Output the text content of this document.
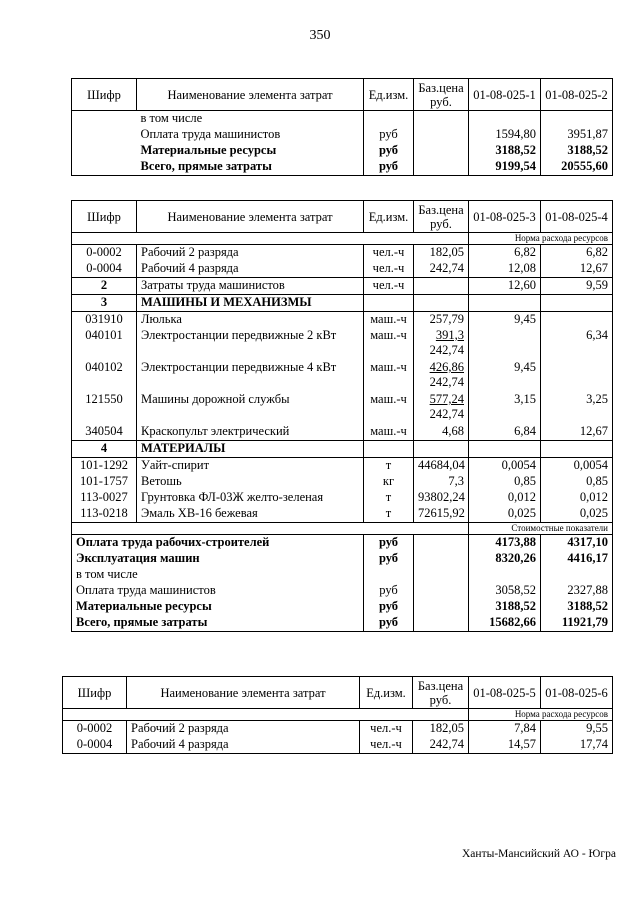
350
Шифр	Наименование элемента затрат	Ед.изм.	Баз.цена руб.	01-08-025-1	01-08-025-2
	в том числе				
	Оплата труда машинистов	руб		1594,80	3951,87
	Материальные ресурсы	руб		3188,52	3188,52
	Всего, прямые затраты	руб		9199,54	20555,60
Шифр	Наименование элемента затрат	Ед.изм.	Баз.цена руб.	01-08-025-3	01-08-025-4
				Норма расхода ресурсов	
0-0002	Рабочий 2 разряда	чел.-ч	182,05	6,82	6,82
0-0004	Рабочий 4 разряда	чел.-ч	242,74	12,08	12,67
2	Затраты труда машинистов	чел.-ч		12,60	9,59
3	МАШИНЫ И МЕХАНИЗМЫ				
031910	Люлька	маш.-ч	257,79	9,45	
040101	Электростанции передвижные 2 кВт	маш.-ч	391,3
242,74		6,34
040102	Электростанции передвижные 4 кВт	маш.-ч	426,86
242,74	9,45	
121550	Машины дорожной службы	маш.-ч	577,24
242,74	3,15	3,25
340504	Краскопульт электрический	маш.-ч	4,68	6,84	12,67
4	МАТЕРИАЛЫ				
101-1292	Уайт-спирит	т	44684,04	0,0054	0,0054
101-1757	Ветошь	кг	7,3	0,85	0,85
113-0027	Грунтовка ФЛ-03Ж желто-зеленая	т	93802,24	0,012	0,012
113-0218	Эмаль ХВ-16 бежевая	т	72615,92	0,025	0,025
				Стоимостные показатели	
Оплата труда рабочих-строителей		руб		4173,88	4317,10
Эксплуатация машин		руб		8320,26	4416,17
в том числе					
Оплата труда машинистов		руб		3058,52	2327,88
Материальные ресурсы		руб		3188,52	3188,52
Всего, прямые затраты		руб		15682,66	11921,79
Шифр	Наименование элемента затрат	Ед.изм.	Баз.цена руб.	01-08-025-5	01-08-025-6
				Норма расхода ресурсов	
0-0002	Рабочий 2 разряда	чел.-ч	182,05	7,84	9,55
0-0004	Рабочий 4 разряда	чел.-ч	242,74	14,57	17,74
Ханты-Мансийский АО - Югра
